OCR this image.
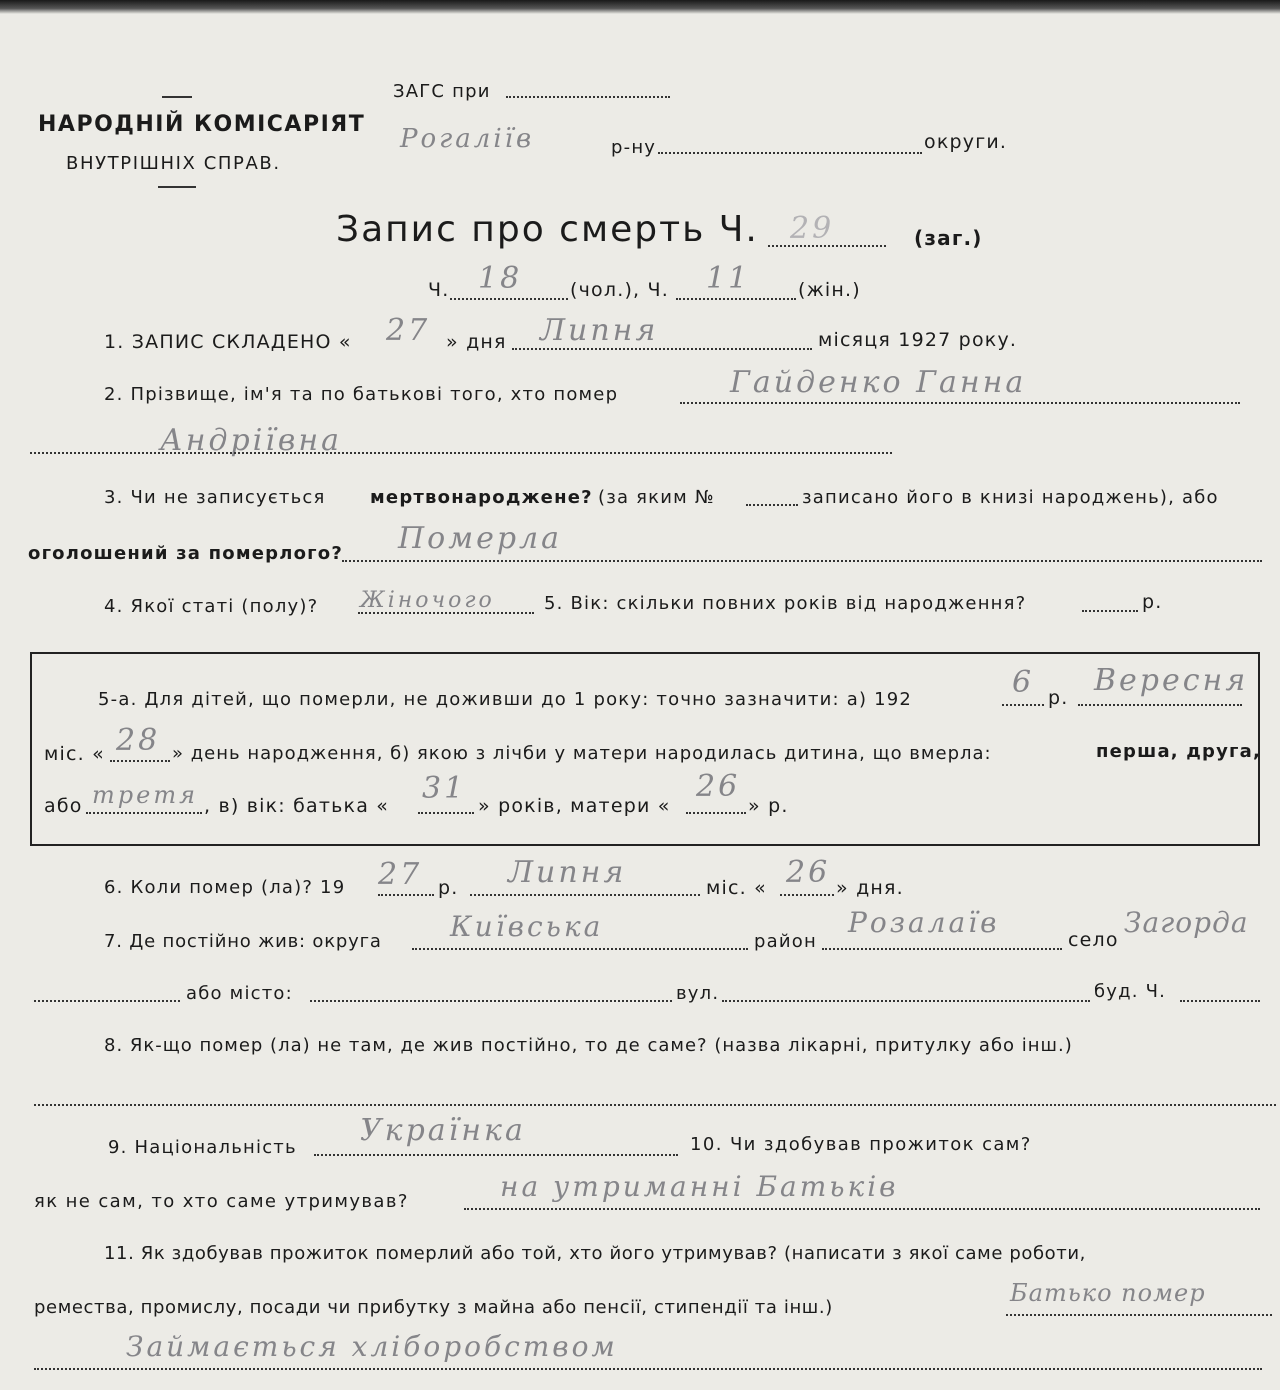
НАРОДНІЙ КОМІСАРІЯТ
ВНУТРІШНІХ СПРАВ.
ЗАГС при
Рогаліїв	р-ну	округи.
Запис про смерть Ч. 29	(заг.)
Ч. 18	(чол.), Ч. 11	(жін.)
1. ЗАПИС СКЛАДЕНО « 27 » дня Липня	місяця 1927 року.
2. Прізвище, ім'я та по батькові того, хто помер	Гайденко Ганна
Андріївна
3. Чи не записується мертвонароджене? (за яким №	записано його в книзі народжень), або
оголошений за померлого? Померла
4. Якої статі (полу)? Жіночого	5. Вік: скільки повних років від народження?	р.
5-а. Для дітей, що померли, не доживши до 1 року: точно зазначити: а) 192	6 р. Вересня
міс. « 28 » день народження, б) якою з лічби у матери народилась дитина, що вмерла:	перша, друга,
або третя , в) вік: батька « 31 » років, матери «
26
» р.
6. Коли помер (ла)? 19 27 р. Липня	міс. « 26 » дня.
7. Де постійно жив: округа Київська	район
Розалаїв
село
Загорда
або місто:	вул.	буд. Ч.
8. Як-що помер (ла) не там, де жив постійно, то де саме? (назва лікарні, притулку або інш.)
9. Національність Українка	10. Чи здобував прожиток сам?
як не сам, то хто саме утримував?	на утриманні Батьків
11. Як здобував прожиток померлий або той, хто його утримував? (написати з якої саме роботи,
ремества, промислу, посади чи прибутку з майна або пенсії, стипендії та інш.)
Батько помер
Займається хліборобством
